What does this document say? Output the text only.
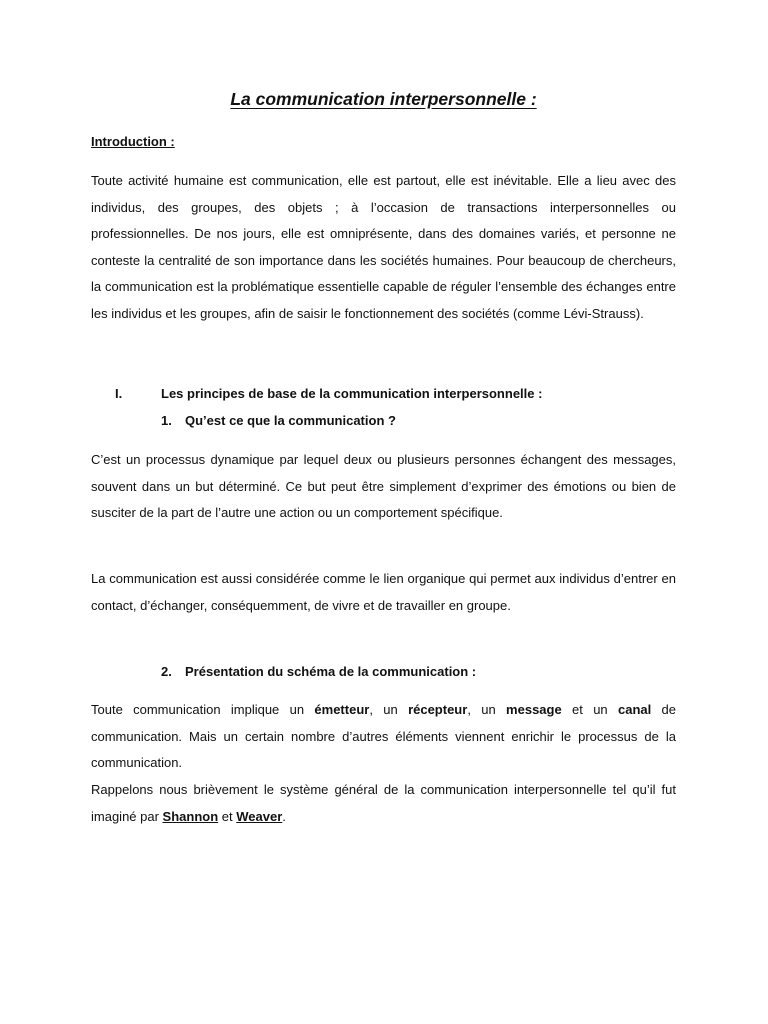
La communication interpersonnelle :
Introduction :

Toute activité humaine est communication, elle est partout, elle est inévitable. Elle a lieu avec des individus, des groupes, des objets ; à l’occasion de transactions interpersonnelles ou professionnelles. De nos jours, elle est omniprésente, dans des domaines variés, et personne ne conteste la centralité de son importance dans les sociétés humaines. Pour beaucoup de chercheurs, la communication est la problématique essentielle capable de réguler l’ensemble des échanges entre les individus et les groupes, afin de saisir le fonctionnement des sociétés (comme Lévi-Strauss).

I.	Les principes de base de la communication interpersonnelle :
1. Qu’est ce que la communication ?

C’est un processus dynamique par lequel deux ou plusieurs personnes échangent des messages, souvent dans un but déterminé. Ce but peut être simplement d’exprimer des émotions ou bien de susciter de la part de l’autre une action ou un comportement spécifique.

La communication est aussi considérée comme le lien organique qui permet aux individus d’entrer en contact, d’échanger, conséquemment, de vivre et de travailler en groupe.

2. Présentation du schéma de la communication :

Toute communication implique un émetteur, un récepteur, un message et un canal de communication. Mais un certain nombre d’autres éléments viennent enrichir le processus de la communication.

Rappelons nous brièvement le système général de la communication interpersonnelle tel qu’il fut imaginé par Shannon et Weaver.
